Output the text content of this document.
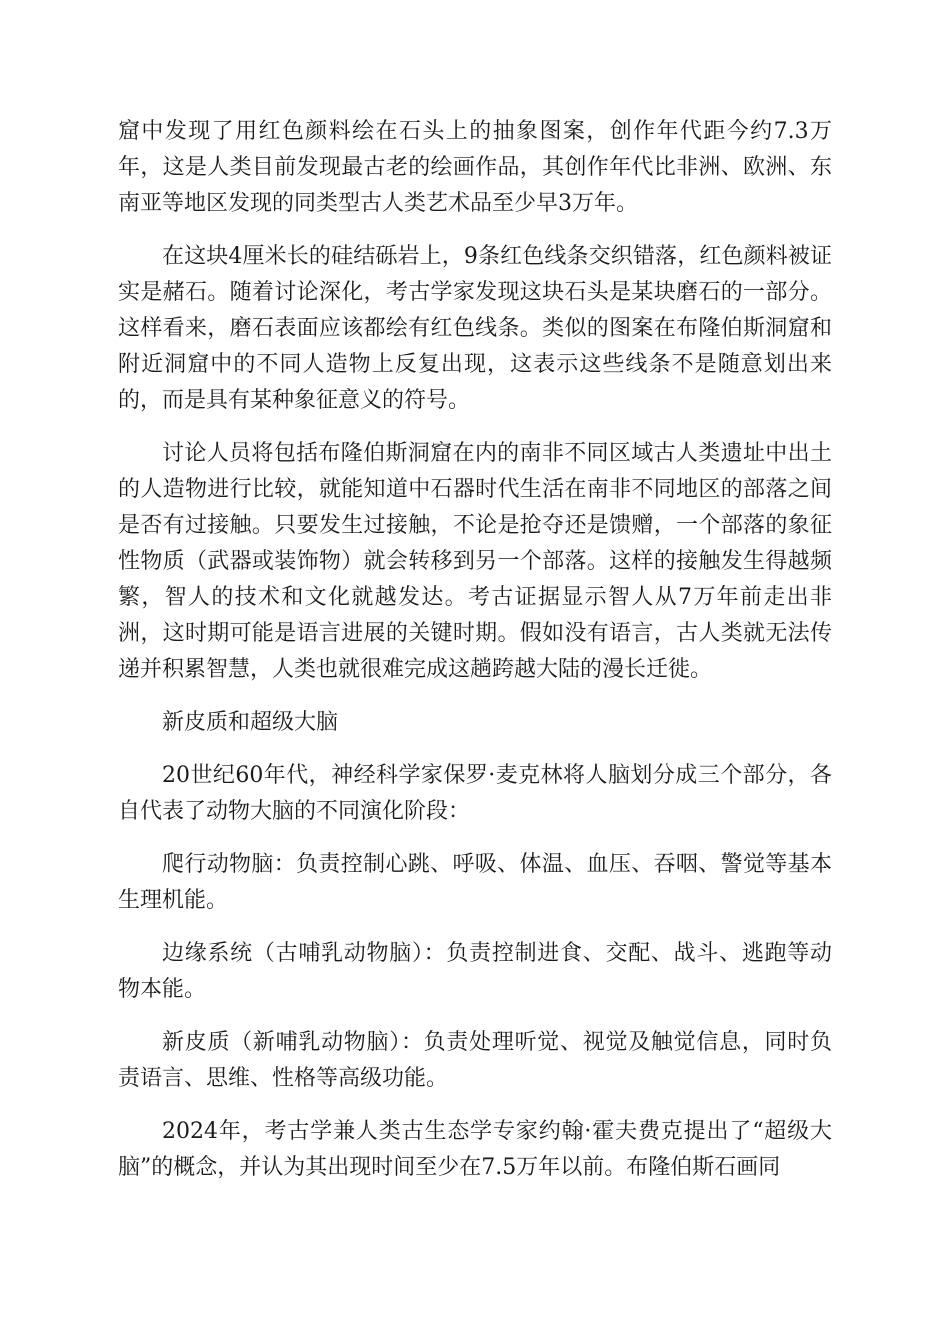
窟中发现了用红色颜料绘在石头上的抽象图案，创作年代距今约7.3万年，这是人类目前发现最古老的绘画作品，其创作年代比非洲、欧洲、东南亚等地区发现的同类型古人类艺术品至少早3万年。

在这块4厘米长的硅结砾岩上，9条红色线条交织错落，红色颜料被证实是赭石。随着讨论深化，考古学家发现这块石头是某块磨石的一部分。这样看来，磨石表面应该都绘有红色线条。类似的图案在布隆伯斯洞窟和附近洞窟中的不同人造物上反复出现，这表示这些线条不是随意划出来的，而是具有某种象征意义的符号。

讨论人员将包括布隆伯斯洞窟在内的南非不同区域古人类遗址中出土的人造物进行比较，就能知道中石器时代生活在南非不同地区的部落之间是否有过接触。只要发生过接触，不论是抢夺还是馈赠，一个部落的象征性物质（武器或装饰物）就会转移到另一个部落。这样的接触发生得越频繁，智人的技术和文化就越发达。考古证据显示智人从7万年前走出非洲，这时期可能是语言进展的关键时期。假如没有语言，古人类就无法传递并积累智慧，人类也就很难完成这趟跨越大陆的漫长迁徙。

新皮质和超级大脑

20世纪60年代，神经科学家保罗·麦克林将人脑划分成三个部分，各自代表了动物大脑的不同演化阶段：

爬行动物脑：负责控制心跳、呼吸、体温、血压、吞咽、警觉等基本生理机能。

边缘系统（古哺乳动物脑）：负责控制进食、交配、战斗、逃跑等动物本能。

新皮质（新哺乳动物脑）：负责处理听觉、视觉及触觉信息，同时负责语言、思维、性格等高级功能。

2024年，考古学兼人类古生态学专家约翰·霍夫费克提出了“超级大脑”的概念，并认为其出现时间至少在7.5万年以前。布隆伯斯石画同
